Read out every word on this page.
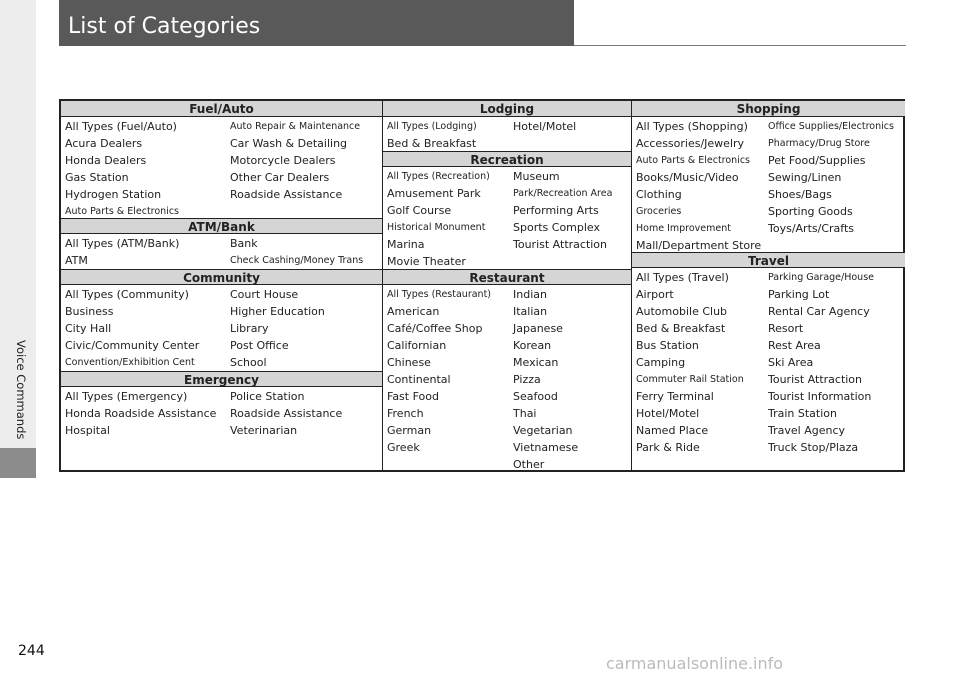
Voice Commands
List of Categories
Fuel/Auto
All Types (Fuel/Auto)
Acura Dealers
Honda Dealers
Gas Station
Hydrogen Station
Auto Parts & Electronics
Auto Repair & Maintenance
Car Wash & Detailing
Motorcycle Dealers
Other Car Dealers
Roadside Assistance
ATM/Bank
All Types (ATM/Bank)
ATM
Bank
Check Cashing/Money Trans
Community
All Types (Community)
Business
City Hall
Civic/Community Center
Convention/Exhibition Cent
Court House
Higher Education
Library
Post Office
School
Emergency
All Types (Emergency)
Honda Roadside Assistance
Hospital
Police Station
Roadside Assistance
Veterinarian
Lodging
All Types (Lodging)
Bed & Breakfast
Hotel/Motel
Recreation
All Types (Recreation)
Amusement Park
Golf Course
Historical Monument
Marina
Movie Theater
Museum
Park/Recreation Area
Performing Arts
Sports Complex
Tourist Attraction
Restaurant
All Types (Restaurant)
American
Café/Coffee Shop
Californian
Chinese
Continental
Fast Food
French
German
Greek
Indian
Italian
Japanese
Korean
Mexican
Pizza
Seafood
Thai
Vegetarian
Vietnamese
Other
Shopping
All Types (Shopping)
Accessories/Jewelry
Auto Parts & Electronics
Books/Music/Video
Clothing
Groceries
Home Improvement
Mall/Department Store
Office Supplies/Electronics
Pharmacy/Drug Store
Pet Food/Supplies
Sewing/Linen
Shoes/Bags
Sporting Goods
Toys/Arts/Crafts
Travel
All Types (Travel)
Airport
Automobile Club
Bed & Breakfast
Bus Station
Camping
Commuter Rail Station
Ferry Terminal
Hotel/Motel
Named Place
Park & Ride
Parking Garage/House
Parking Lot
Rental Car Agency
Resort
Rest Area
Ski Area
Tourist Attraction
Tourist Information
Train Station
Travel Agency
Truck Stop/Plaza
244
carmanualsonline.info
